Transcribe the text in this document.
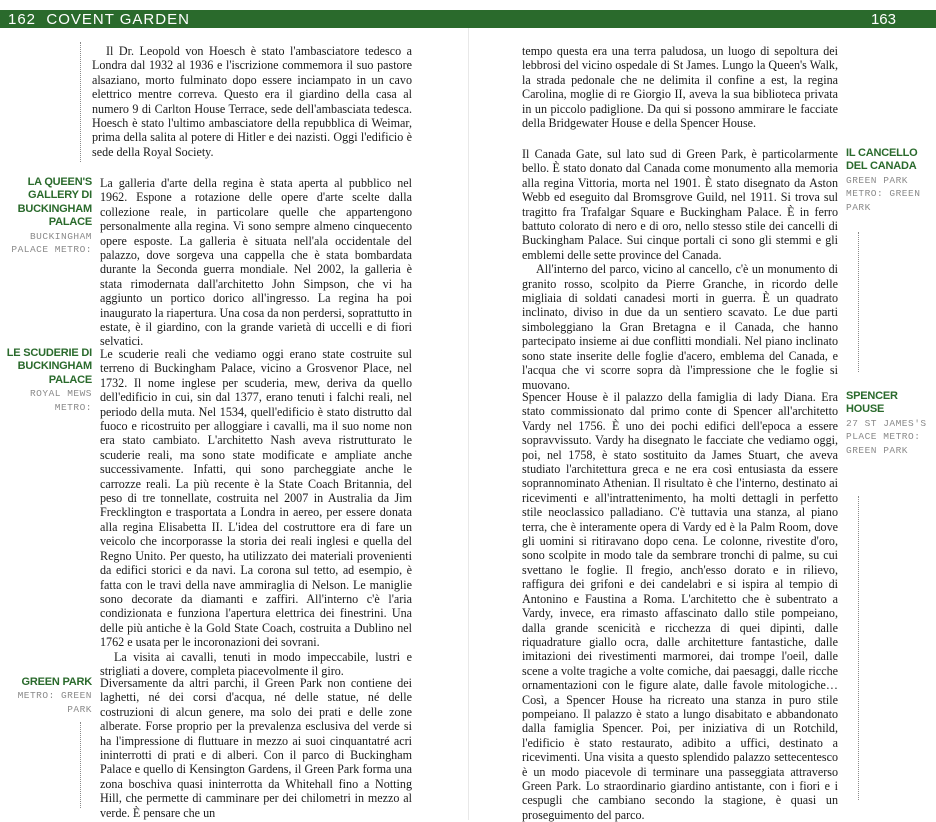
162  COVENT GARDEN	163

Il Dr. Leopold von Hoesch è stato l'ambasciatore tedesco a Londra dal 1932 al 1936 e l'iscrizione commemora il suo pastore alsaziano, morto fulminato dopo essere inciampato in un cavo elettrico mentre correva. Questo era il giardino della casa al numero 9 di Carlton House Terrace, sede dell'ambasciata tedesca. Hoesch è stato l'ultimo ambasciatore della repubblica di Weimar, prima della salita al potere di Hitler e dei nazisti. Oggi l'edificio è sede della Royal Society.

LA QUEEN'S GALLERY DI BUCKINGHAM PALACE
BUCKINGHAM PALACE METRO:

La galleria d'arte della regina è stata aperta al pubblico nel 1962. Espone a rotazione delle opere d'arte scelte dalla collezione reale, in particolare quelle che appartengono personalmente alla regina. Vi sono sempre almeno cinquecento opere esposte. La galleria è situata nell'ala occidentale del palazzo, dove sorgeva una cappella che è stata bombardata durante la Seconda guerra mondiale. Nel 2002, la galleria è stata rimodernata dall'architetto John Simpson, che vi ha aggiunto un portico dorico all'ingresso. La regina ha poi inaugurato la riapertura. Una cosa da non perdersi, soprattutto in estate, è il giardino, con la grande varietà di uccelli e di fiori selvatici.

LE SCUDERIE DI BUCKINGHAM PALACE
ROYAL MEWS METRO:

Le scuderie reali che vediamo oggi erano state costruite sul terreno di Buckingham Palace, vicino a Grosvenor Place, nel 1732. Il nome inglese per scuderia, mew, deriva da quello dell'edificio in cui, sin dal 1377, erano tenuti i falchi reali, nel periodo della muta. Nel 1534, quell'edificio è stato distrutto dal fuoco e ricostruito per alloggiare i cavalli, ma il suo nome non era stato cambiato. L'architetto Nash aveva ristrutturato le scuderie reali, ma sono state modificate e ampliate anche successivamente. Infatti, qui sono parcheggiate anche le carrozze reali. La più recente è la State Coach Britannia, del peso di tre tonnellate, costruita nel 2007 in Australia da Jim Frecklington e trasportata a Londra in aereo, per essere donata alla regina Elisabetta II. L'idea del costruttore era di fare un veicolo che incorporasse la storia dei reali inglesi e quella del Regno Unito. Per questo, ha utilizzato dei materiali provenienti da edifici storici e da navi. La corona sul tetto, ad esempio, è fatta con le travi della nave ammiraglia di Nelson. Le maniglie sono decorate da diamanti e zaffiri. All'interno c'è l'aria condizionata e funziona l'apertura elettrica dei finestrini. Una delle più antiche è la Gold State Coach, costruita a Dublino nel 1762 e usata per le incoronazioni dei sovrani.

La visita ai cavalli, tenuti in modo impeccabile, lustri e strigliati a dovere, completa piacevolmente il giro.

GREEN PARK
METRO: GREEN PARK

Diversamente da altri parchi, il Green Park non contiene dei laghetti, né dei corsi d'acqua, né delle statue, né delle costruzioni di alcun genere, ma solo dei prati e delle zone alberate. Forse proprio per la prevalenza esclusiva del verde si ha l'impressione di fluttuare in mezzo ai suoi cinquantatré acri ininterrotti di prati e di alberi. Con il parco di Buckingham Palace e quello di Kensington Gardens, il Green Park forma una zona boschiva quasi ininterrotta da Whitehall fino a Notting Hill, che permette di camminare per dei chilometri in mezzo al verde. È pensare che un

tempo questa era una terra paludosa, un luogo di sepoltura dei lebbrosi del vicino ospedale di St James. Lungo la Queen's Walk, la strada pedonale che ne delimita il confine a est, la regina Carolina, moglie di re Giorgio II, aveva la sua biblioteca privata in un piccolo padiglione. Da qui si possono ammirare le facciate della Bridgewater House e della Spencer House.

Il Canada Gate, sul lato sud di Green Park, è particolarmente bello. È stato donato dal Canada come monumento alla memoria alla regina Vittoria, morta nel 1901. È stato disegnato da Aston Webb ed eseguito dal Bromsgrove Guild, nel 1911. Si trova sul tragitto fra Trafalgar Square e Buckingham Palace. È in ferro battuto colorato di nero e di oro, nello stesso stile dei cancelli di Buckingham Palace. Sui cinque portali ci sono gli stemmi e gli emblemi delle sette province del Canada.

All'interno del parco, vicino al cancello, c'è un monumento di granito rosso, scolpito da Pierre Granche, in ricordo delle migliaia di soldati canadesi morti in guerra. È un quadrato inclinato, diviso in due da un sentiero scavato. Le due parti simboleggiano la Gran Bretagna e il Canada, che hanno partecipato insieme ai due conflitti mondiali. Nel piano inclinato sono state inserite delle foglie d'acero, emblema del Canada, e l'acqua che vi scorre sopra dà l'impressione che le foglie si muovano.

IL CANCELLO DEL CANADA
GREEN PARK METRO: GREEN PARK

Spencer House è il palazzo della famiglia di lady Diana. Era stato commissionato dal primo conte di Spencer all'architetto Vardy nel 1756. È uno dei pochi edifici dell'epoca a essere sopravvissuto. Vardy ha disegnato le facciate che vediamo oggi, poi, nel 1758, è stato sostituito da James Stuart, che aveva studiato l'architettura greca e ne era così entusiasta da essere soprannominato Athenian. Il risultato è che l'interno, destinato ai ricevimenti e all'intrattenimento, ha molti dettagli in perfetto stile neoclassico palladiano. C'è tuttavia una stanza, al piano terra, che è interamente opera di Vardy ed è la Palm Room, dove gli uomini si ritiravano dopo cena. Le colonne, rivestite d'oro, sono scolpite in modo tale da sembrare tronchi di palme, su cui svettano le foglie. Il fregio, anch'esso dorato e in rilievo, raffigura dei grifoni e dei candelabri e si ispira al tempio di Antonino e Faustina a Roma. L'architetto che è subentrato a Vardy, invece, era rimasto affascinato dallo stile pompeiano, dalla grande scenicità e ricchezza di quei dipinti, dalle riquadrature giallo ocra, dalle architetture fantastiche, dalle imitazioni dei rivestimenti marmorei, dai trompe l'oeil, dalle scene a volte tragiche a volte comiche, dai paesaggi, dalle ricche ornamentazioni con le figure alate, dalle favole mitologiche… Così, a Spencer House ha ricreato una stanza in puro stile pompeiano. Il palazzo è stato a lungo disabitato e abbandonato dalla famiglia Spencer. Poi, per iniziativa di un Rotchild, l'edificio è stato restaurato, adibito a uffici, destinato a ricevimenti. Una visita a questo splendido palazzo settecentesco è un modo piacevole di terminare una passeggiata attraverso Green Park. Lo straordinario giardino antistante, con i fiori e i cespugli che cambiano secondo la stagione, è quasi un proseguimento del parco.

SPENCER HOUSE
27 ST JAMES'S PLACE METRO: GREEN PARK
